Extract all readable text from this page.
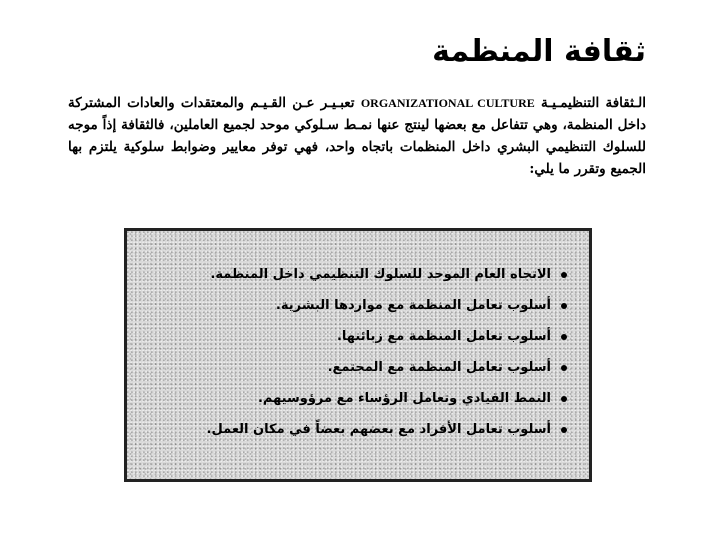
ثقافة المنظمة
الـثقافة التنظيمـيـة ORGANIZATIONAL CULTURE تعبـيـر عـن القـيـم والمعتقدات والعادات المشتركة داخل المنظمة، وهي تتفاعل مع بعضها لينتج عنها نمـط سـلوكي موحد لجميع العاملين، فالثقافة إذاً موجه للسلوك التنظيمي البشري داخل المنظمات باتجاه واحد، فهي توفر معايير وضوابط سلوكية يلتزم بها الجميع وتقرر ما يلي:
الاتجاه العام الموحد للسلوك التنظيمي داخل المنظمة.
أسلوب تعامل المنظمة مع مواردها البشرية.
أسلوب تعامل المنظمة مع زبائنها.
أسلوب تعامل المنظمة مع المجتمع.
النمط القيادي وتعامل الرؤساء مع مرؤوسيهم.
أسلوب تعامل الأفراد مع بعضهم بعضاً في مكان العمل.
